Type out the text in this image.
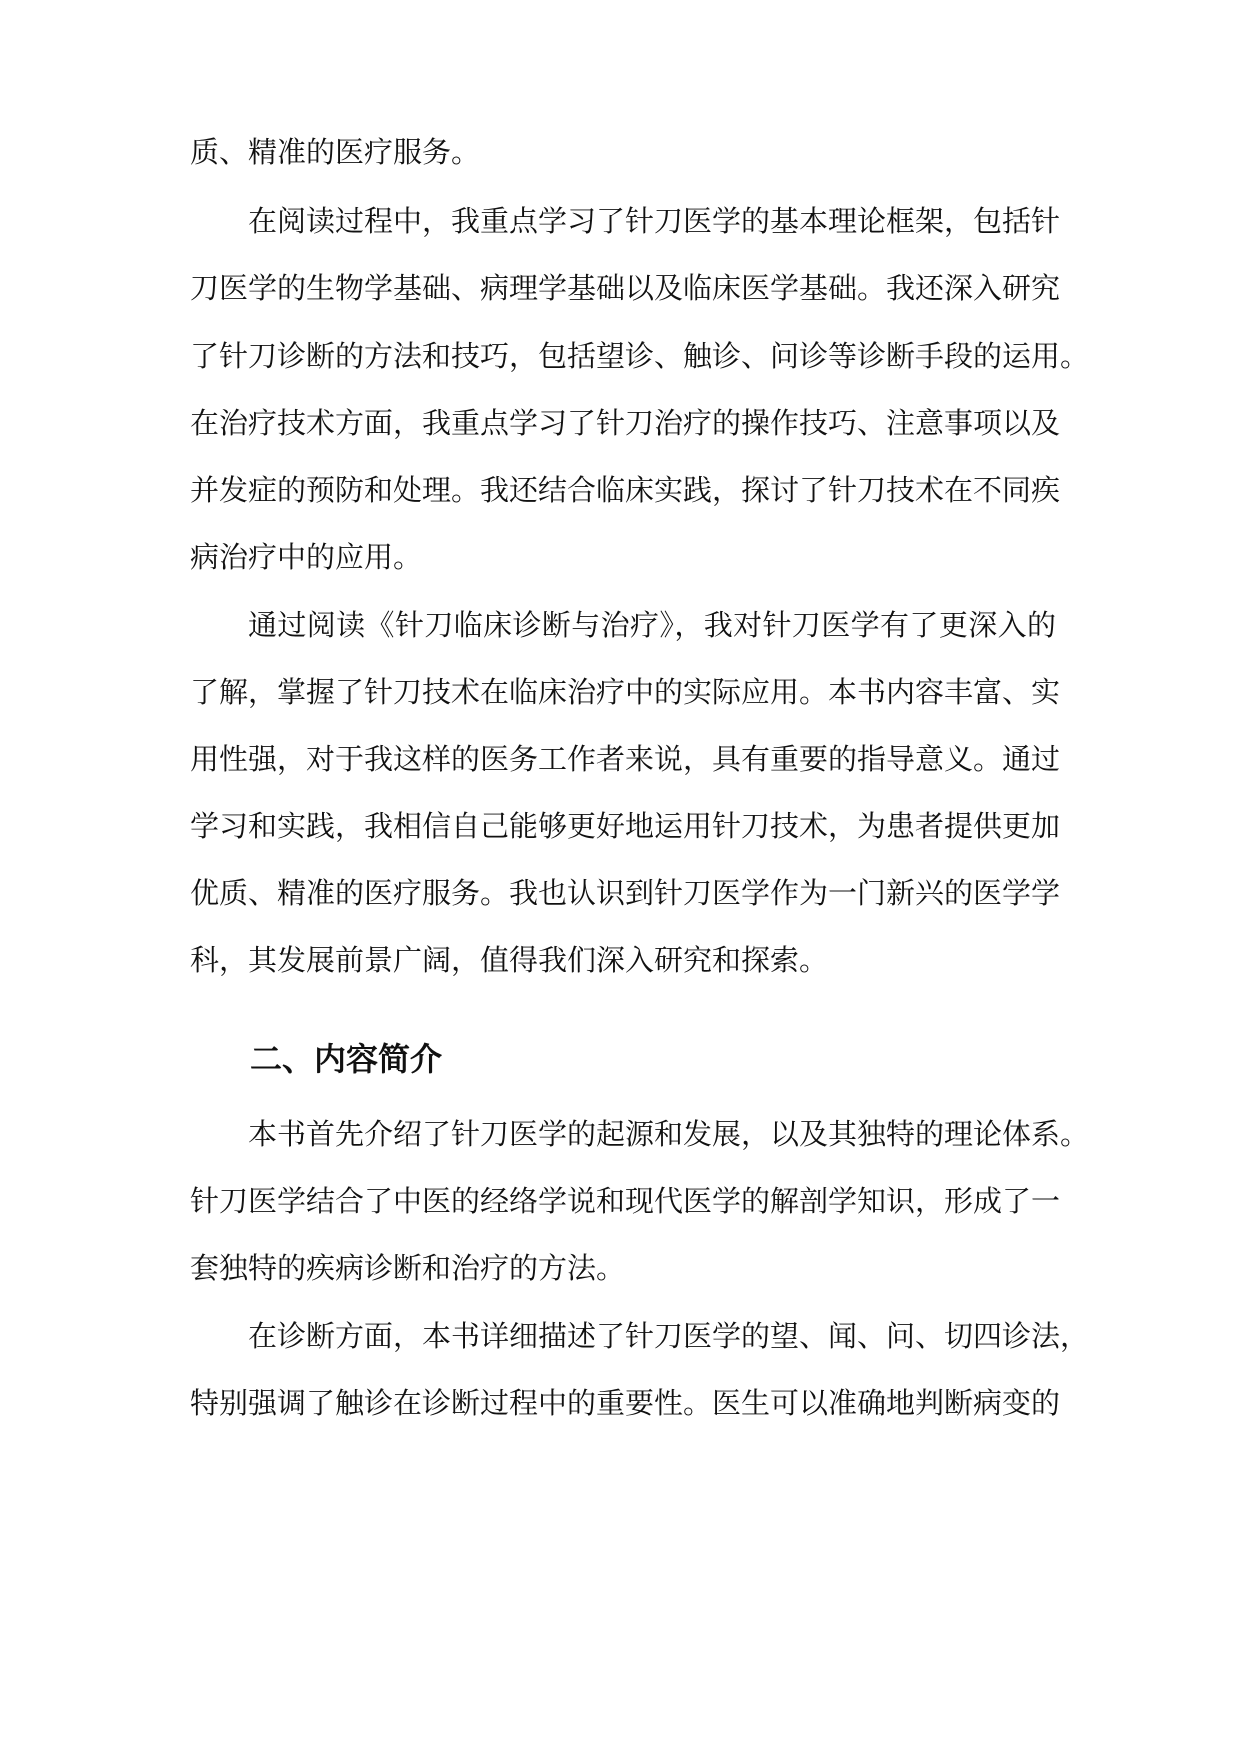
质、精准的医疗服务。
在阅读过程中，我重点学习了针刀医学的基本理论框架，包括针
刀医学的生物学基础、病理学基础以及临床医学基础。我还深入研究
了针刀诊断的方法和技巧，包括望诊、触诊、问诊等诊断手段的运用。
在治疗技术方面，我重点学习了针刀治疗的操作技巧、注意事项以及
并发症的预防和处理。我还结合临床实践，探讨了针刀技术在不同疾
病治疗中的应用。
通过阅读《针刀临床诊断与治疗》，我对针刀医学有了更深入的
了解，掌握了针刀技术在临床治疗中的实际应用。本书内容丰富、实
用性强，对于我这样的医务工作者来说，具有重要的指导意义。通过
学习和实践，我相信自己能够更好地运用针刀技术，为患者提供更加
优质、精准的医疗服务。我也认识到针刀医学作为一门新兴的医学学
科，其发展前景广阔，值得我们深入研究和探索。
二、内容简介
本书首先介绍了针刀医学的起源和发展，以及其独特的理论体系。
针刀医学结合了中医的经络学说和现代医学的解剖学知识，形成了一
套独特的疾病诊断和治疗的方法。
在诊断方面，本书详细描述了针刀医学的望、闻、问、切四诊法，
特别强调了触诊在诊断过程中的重要性。医生可以准确地判断病变的
